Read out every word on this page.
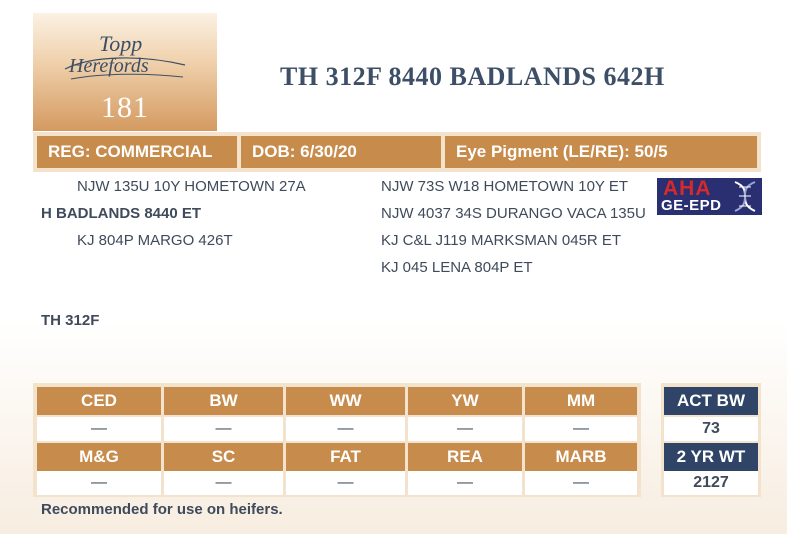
Topp
Herefords
181
TH 312F 8440 BADLANDS 642H
REG: COMMERCIAL	DOB: 6/30/20	Eye Pigment (LE/RE): 50/5
NJW 135U 10Y HOMETOWN 27A
H BADLANDS 8440 ET
KJ 804P MARGO 426T
NJW 73S W18 HOMETOWN 10Y ET
NJW 4037 34S DURANGO VACA 135U
KJ C&L J119 MARKSMAN 045R ET
KJ 045 LENA 804P ET
AHA
GE-EPD
TH 312F
CED	BW	WW	YW	MM
—	—	—	—	—
M&G	SC	FAT	REA	MARB
—	—	—	—	—
ACT BW
73
2 YR WT
2127
Recommended for use on heifers.
